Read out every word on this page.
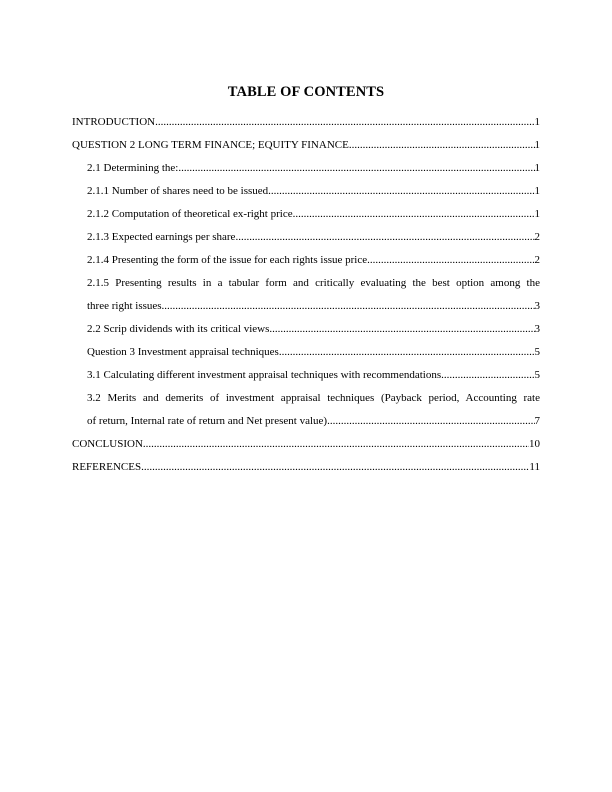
TABLE OF CONTENTS
INTRODUCTION .....	1
QUESTION 2 LONG TERM FINANCE; EQUITY FINANCE .....	1
2.1 Determining the: .....	1
2.1.1 Number of shares need to be issued .....	1
2.1.2 Computation of theoretical ex-right price .....	1
2.1.3 Expected earnings per share .....	2
2.1.4 Presenting the form of the issue for each rights issue price .....	2
2.1.5 Presenting results in a tabular form and critically evaluating the best option among the
three right issues .....	3
2.2 Scrip dividends with its critical views .....	3
Question 3 Investment appraisal techniques .....	5
3.1 Calculating different investment appraisal techniques with recommendations .....	5
3.2 Merits and demerits of investment appraisal techniques (Payback period, Accounting rate
of return, Internal rate of return and Net present value) .....	7
CONCLUSION .....	10
REFERENCES .....	11
